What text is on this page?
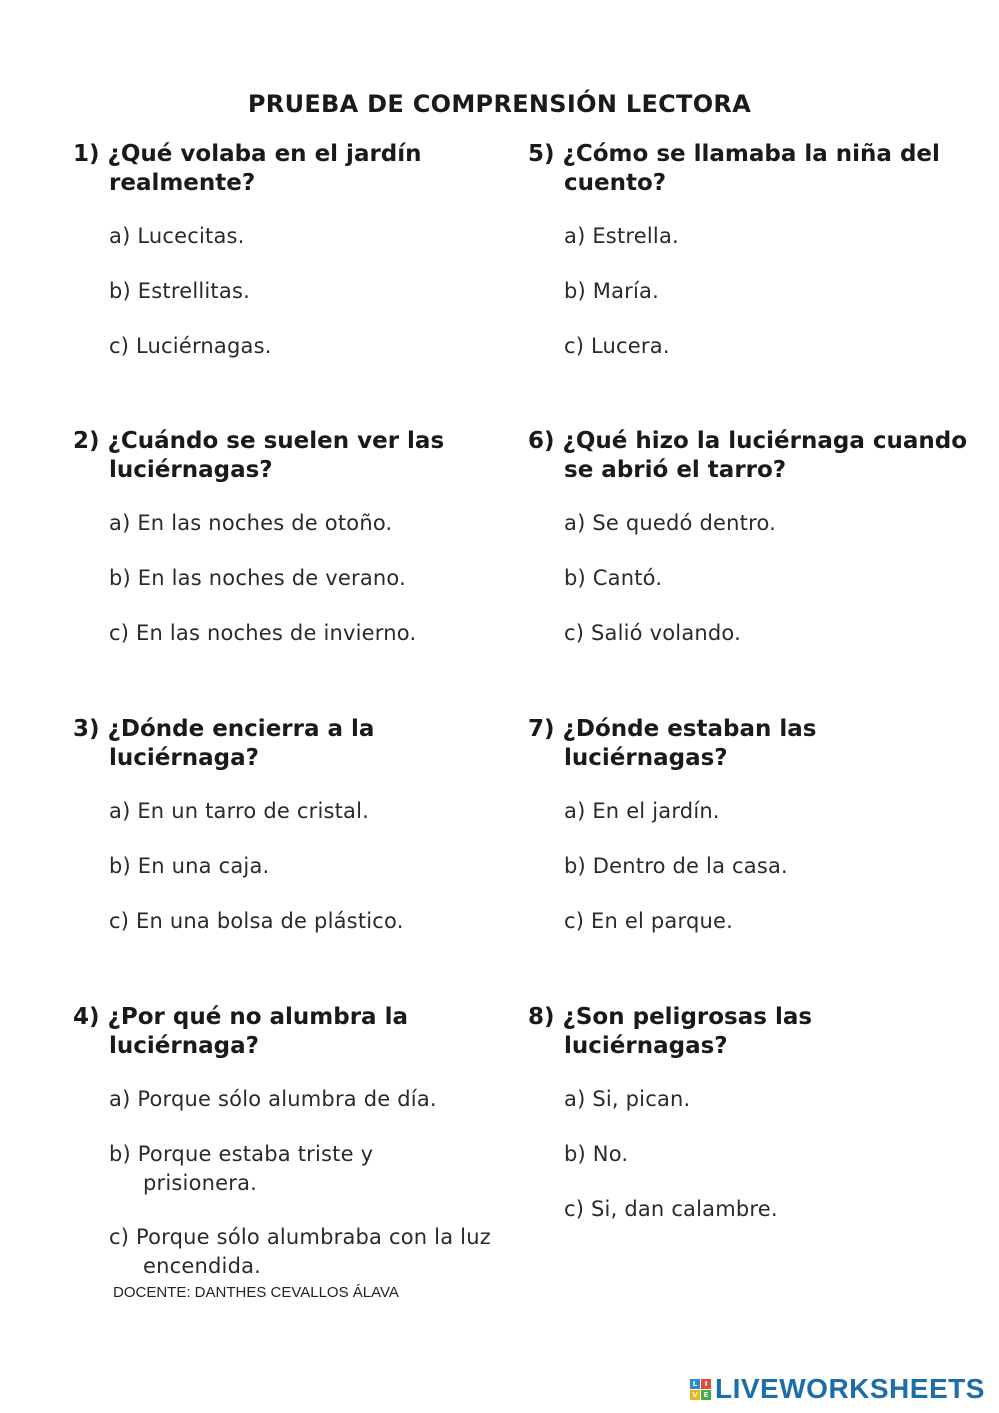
PRUEBA DE COMPRENSIÓN LECTORA
1) ¿Qué volaba en el jardín realmente?
a) Lucecitas.
b) Estrellitas.
c) Luciérnagas.
2) ¿Cuándo se suelen ver las luciérnagas?
a) En las noches de otoño.
b) En las noches de verano.
c) En las noches de invierno.
3) ¿Dónde encierra a la luciérnaga?
a) En un tarro de cristal.
b) En una caja.
c) En una bolsa de plástico.
4) ¿Por qué no alumbra la luciérnaga?
a) Porque sólo alumbra de día.
b) Porque estaba triste y prisionera.
c) Porque sólo alumbraba con la luz encendida.
5) ¿Cómo se llamaba la niña del cuento?
a) Estrella.
b) María.
c) Lucera.
6) ¿Qué hizo la luciérnaga cuando se abrió el tarro?
a) Se quedó dentro.
b) Cantó.
c) Salió volando.
7) ¿Dónde estaban las luciérnagas?
a) En el jardín.
b) Dentro de la casa.
c) En el parque.
8) ¿Son peligrosas las luciérnagas?
a) Si, pican.
b) No.
c) Si, dan calambre.
DOCENTE: DANTHES CEVALLOS ÁLAVA
L	I
V E LIVEWORKSHEETS
